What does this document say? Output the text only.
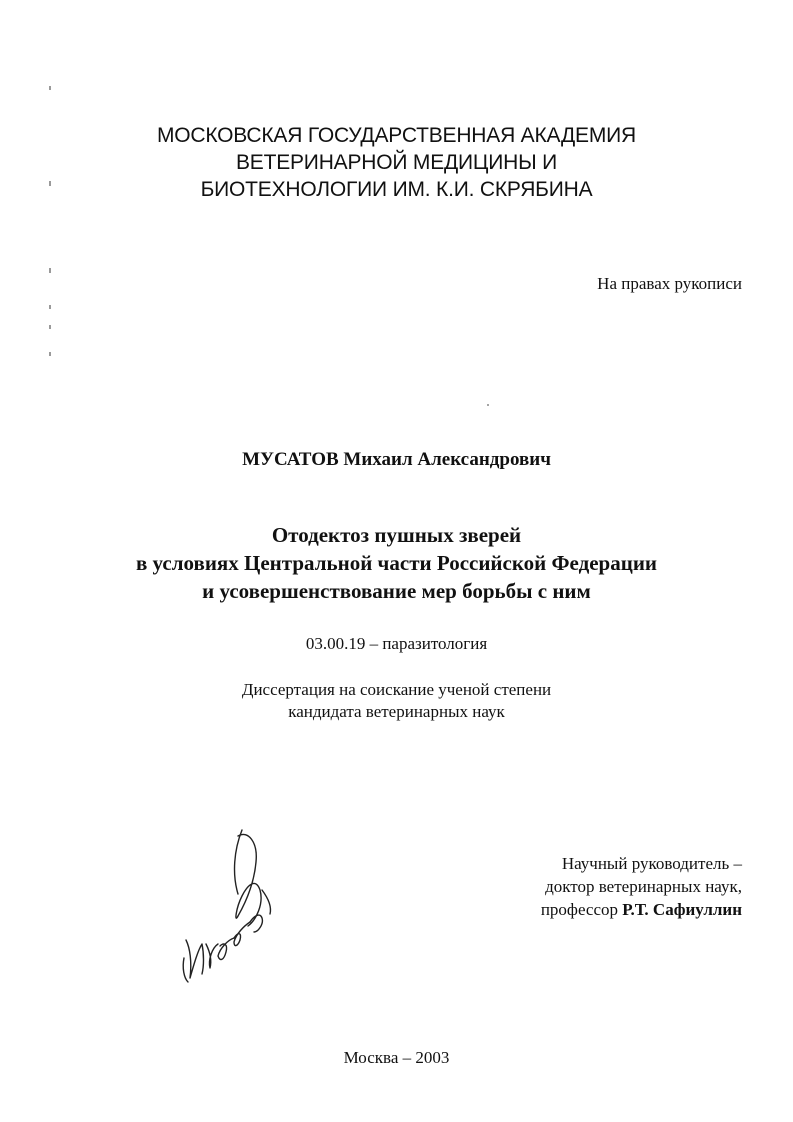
МОСКОВСКАЯ ГОСУДАРСТВЕННАЯ АКАДЕМИЯ
ВЕТЕРИНАРНОЙ МЕДИЦИНЫ И
БИОТЕХНОЛОГИИ ИМ. К.И. СКРЯБИНА
На правах рукописи
МУСАТОВ Михаил Александрович
Отодектоз пушных зверей
в условиях Центральной части Российской Федерации
и усовершенствование мер борьбы с ним
03.00.19 – паразитология
Диссертация на соискание ученой степени
кандидата ветеринарных наук
Научный руководитель –
доктор ветеринарных наук,
профессор Р.Т. Сафиуллин
Москва – 2003
